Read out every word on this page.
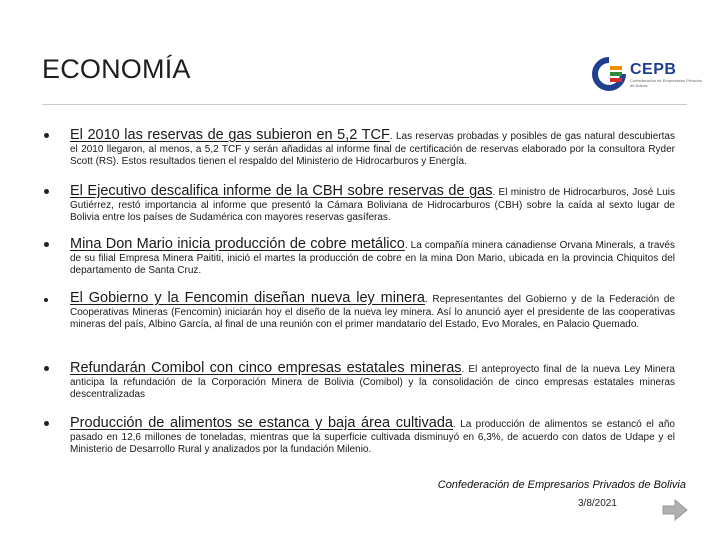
ECONOMÍA	CEPB
Confederación de Empresarios Privados de Bolivia

El 2010 las reservas de gas subieron en 5,2 TCF. Las reservas probadas y posibles de gas natural descubiertas el 2010 llegaron, al menos, a 5,2 TCF y serán añadidas al informe final de certificación de reservas elaborado por la consultora Ryder Scott (RS). Estos resultados tienen el respaldo del Ministerio de Hidrocarburos y Energía.

El Ejecutivo descalifica informe de la CBH sobre reservas de gas. El ministro de Hidrocarburos, José Luis Gutiérrez, restó importancia al informe que presentó la Cámara Boliviana de Hidrocarburos (CBH) sobre la caída al sexto lugar de Bolivia entre los países de Sudamérica con mayores reservas gasíferas.

Mina Don Mario inicia producción de cobre metálico. La compañía minera canadiense Orvana Minerals, a través de su filial Empresa Minera Paititi, inició el martes la producción de cobre en la mina Don Mario, ubicada en la provincia Chiquitos del departamento de Santa Cruz.

El Gobierno y la Fencomin diseñan nueva ley minera. Representantes del Gobierno y de la Federación de Cooperativas Mineras (Fencomin) iniciarán hoy el diseño de la nueva ley minera. Así lo anunció ayer el presidente de las cooperativas mineras del país, Albino García, al final de una reunión con el primer mandatario del Estado, Evo Morales, en Palacio Quemado.

Refundarán Comibol con cinco empresas estatales mineras. El anteproyecto final de la nueva Ley Minera anticipa la refundación de la Corporación Minera de Bolivia (Comibol) y la consolidación de cinco empresas estatales mineras descentralizadas

Producción de alimentos se estanca y baja área cultivada. La producción de alimentos se estancó el año pasado en 12,6 millones de toneladas, mientras que la superficie cultivada disminuyó en 6,3%, de acuerdo con datos de Udape y el Ministerio de Desarrollo Rural y analizados por la fundación Milenio.

Confederación de Empresarios Privados de Bolivia

3/8/2021
